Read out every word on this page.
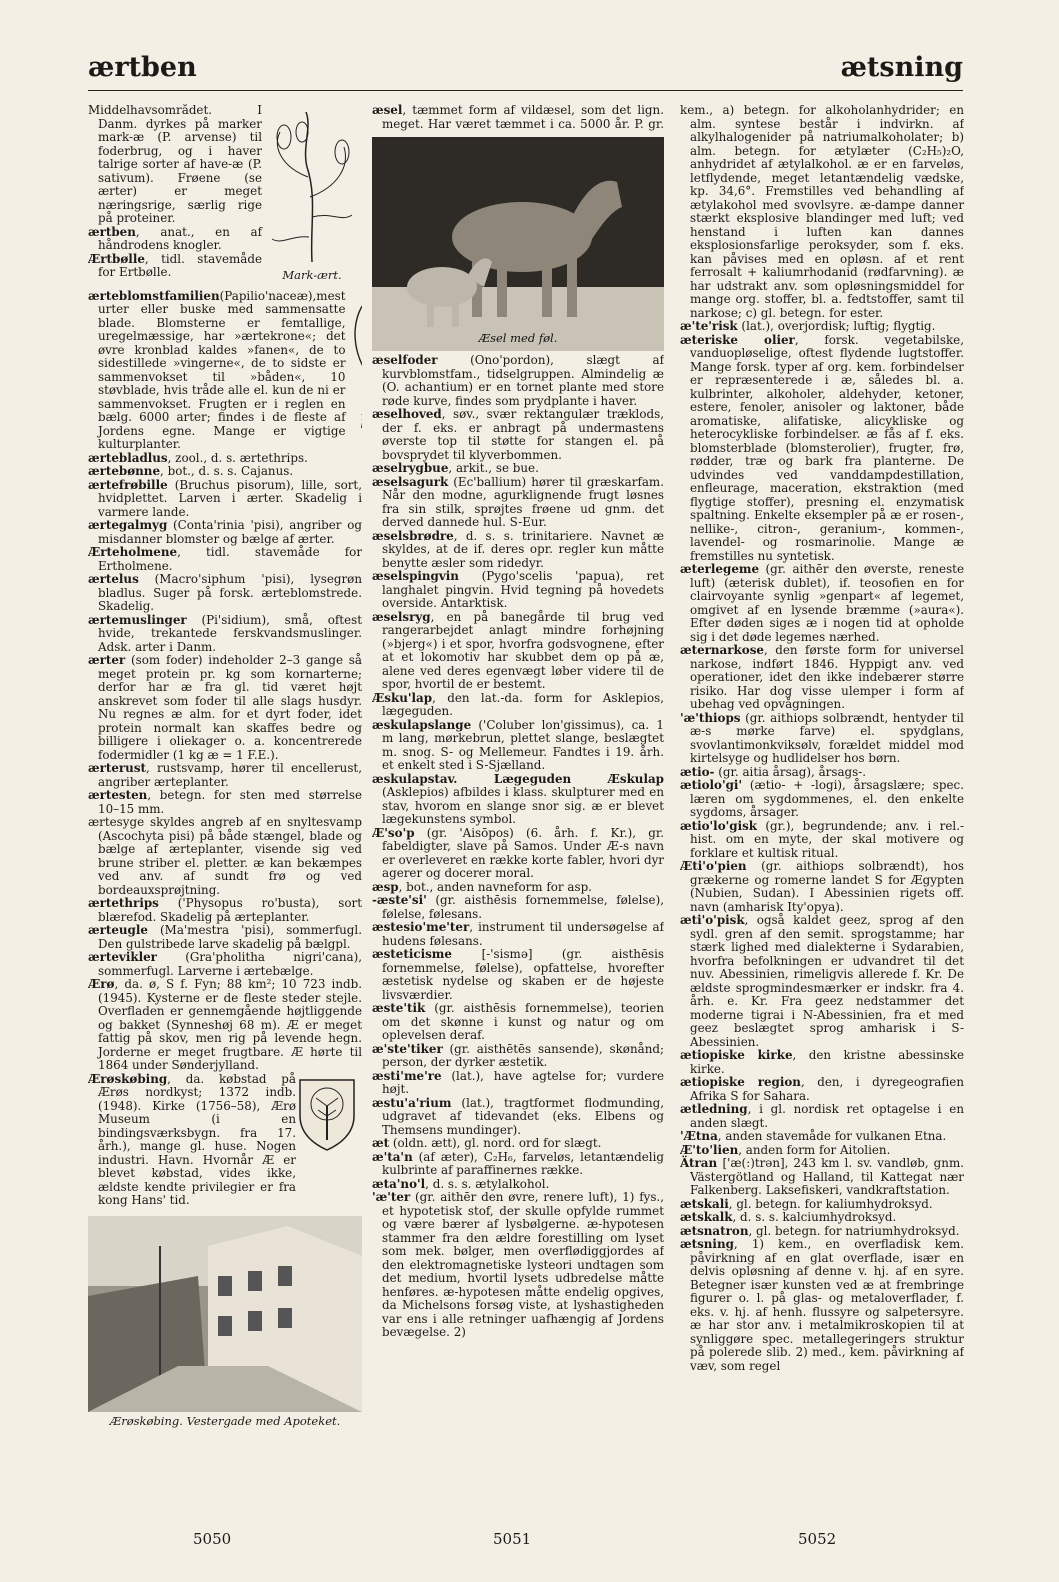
ærtben	ætsning

Middelhavsområdet. I Danm. dyrkes på marker mark-æ (P. arvense) til foderbrug, og i haver talrige sorter af have-æ (P. sativum). Frøene (se ærter) er meget næringsrige, særlig rige på proteiner.

ærtben, anat., en af håndrodens knogler.

Ærtbølle, tidl. stavemåde for Ertbølle.	Mark-ært.

ærteblomstfamilien(Papilio'naceæ),mest urter eller buske med sammensatte blade. Blomsterne er femtallige, uregelmæssige, har »ærtekrone«; det øvre kronblad kaldes »fanen«, de to sidestillede »vingerne«, de to sidste er sammenvokset til »båden«, 10 støvblade, hvis tråde alle el. kun de ni er sammenvokset. Frugten er i reglen en bælg. 6000 arter; findes i de fleste af Jordens egne. Mange er vigtige kulturplanter.

ærtebladlus, zool., d. s. ærtethrips.

ærtebønne, bot., d. s. s. Cajanus.

ærtefrøbille (Bruchus pisorum), lille, sort, hvidplettet. Larven i ærter. Skadelig i varmere lande.

ærtegalmyg (Conta'rinia 'pisi), angriber og misdanner blomster og bælge af ærter.

Ærteholmene, tidl. stavemåde for Ertholmene.

ærtelus (Macro'siphum 'pisi), lysegrøn bladlus. Suger på forsk. ærteblomstrede. Skadelig.

ærtemuslinger (Pi'sidium), små, oftest hvide, trekantede ferskvandsmuslinger. Adsk. arter i Danm.

ærter (som foder) indeholder 2–3 gange så meget protein pr. kg som kornarterne; derfor har æ fra gl. tid været højt anskrevet som foder til alle slags husdyr. Nu regnes æ alm. for et dyrt foder, idet protein normalt kan skaffes bedre og billigere i oliekager o. a. koncentrerede fodermidler (1 kg æ = 1 F.E.).

ærterust, rustsvamp, hører til encellerust, angriber ærteplanter.

ærtesten, betegn. for sten med størrelse 10–15 mm.

ærtesyge skyldes angreb af en snyltesvamp (Ascochyta pisi) på både stængel, blade og bælge af ærteplanter, visende sig ved brune striber el. pletter. æ kan bekæmpes ved anv. af sundt frø og ved bordeauxsprøjtning.

ærtethrips ('Physopus ro'busta), sort blærefod. Skadelig på ærteplanter.

ærteugle (Ma'mestra 'pisi), sommerfugl. Den gulstribede larve skadelig på bælgpl.

ærtevikler (Gra'pholitha nigri'cana), sommerfugl. Larverne i ærtebælge.

Ærø, da. ø, S f. Fyn; 88 km²; 10 723 indb. (1945). Kysterne er de fleste steder stejle. Overfladen er gennemgående højtliggende og bakket (Synneshøj 68 m). Æ er meget fattig på skov, men rig på levende hegn. Jorderne er meget frugtbare. Æ hørte til 1864 under Sønderjylland.

Ærøskøbing, da. købstad på Ærøs nordkyst; 1372 indb. (1948). Kirke (1756–58), Ærø Museum (i en bindingsværksbygn. fra 17. årh.), mange gl. huse. Nogen industri. Havn. Hvornår Æ er blevet købstad, vides ikke, ældste kendte privilegier er fra kong Hans' tid.

Ærøskøbing. Vestergade med Apoteket.

æsel, tæmmet form af vildæsel, som det lign. meget. Har været tæmmet i ca. 5000 år. P. gr.

Æsel med føl.

æselfoder (Ono'pordon), slægt af kurvblomstfam., tidselgruppen. Almindelig æ (O. achantium) er en tornet plante med store røde kurve, findes som prydplante i haver.

æselhoved, søv., svær rektangulær træklods, der f. eks. er anbragt på undermastens øverste top til støtte for stangen el. på bovsprydet til klyverbommen.

æselrygbue, arkit., se bue.

æselsagurk (Ec'ballium) hører til græskarfam. Når den modne, agurklignende frugt løsnes fra sin stilk, sprøjtes frøene ud gnm. det derved dannede hul. S-Eur.

æselsbrødre, d. s. s. trinitariere. Navnet æ skyldes, at de if. deres opr. regler kun måtte benytte æsler som ridedyr.

æselspingvin (Pygo'scelis 'papua), ret langhalet pingvin. Hvid tegning på hovedets overside. Antarktisk.

æselsryg, en på banegårde til brug ved rangerarbejdet anlagt mindre forhøjning (»bjerg«) i et spor, hvorfra godsvognene, efter at et lokomotiv har skubbet dem op på æ, alene ved deres egenvægt løber videre til de spor, hvortil de er bestemt.

Æsku'lap, den lat.-da. form for Asklepios, lægeguden.

æskulapslange ('Coluber lon'gissimus), ca. 1 m lang, mørkebrun, plettet slange, beslægtet m. snog. S- og Mellemeur. Fandtes i 19. årh. et enkelt sted i S-Sjælland.

æskulapstav. Lægeguden Æskulap (Asklepios) afbildes i klass. skulpturer med en stav, hvorom en slange snor sig. æ er blevet lægekunstens symbol.

Æ'so'p (gr. 'Aisōpos) (6. årh. f. Kr.), gr. fabeldigter, slave på Samos. Under Æ-s navn er overleveret en række korte fabler, hvori dyr agerer og docerer moral.

æsp, bot., anden navneform for asp.

-æste'si' (gr. aisthēsis fornemmelse, følelse), følelse, følesans.

æstesio'me'ter, instrument til undersøgelse af hudens følesans.

æsteticisme [-'sismə] (gr. aisthēsis fornemmelse, følelse), opfattelse, hvorefter æstetisk nydelse og skaben er de højeste livsværdier.

æste'tik (gr. aisthēsis fornemmelse), teorien om det skønne i kunst og natur og om oplevelsen deraf.

æ'ste'tiker (gr. aisthētēs sansende), skønånd; person, der dyrker æstetik.

æsti'me're (lat.), have agtelse for; vurdere højt.

æstu'a'rium (lat.), tragtformet flodmunding, udgravet af tidevandet (eks. Elbens og Themsens mundinger).

æt (oldn. ætt), gl. nord. ord for slægt.

æ'ta'n (af æter), C₂H₆, farveløs, letantændelig kulbrinte af paraffinernes række.

æta'no'l, d. s. s. ætylalkohol.

'æ'ter (gr. aithēr den øvre, renere luft), 1) fys., et hypotetisk stof, der skulle opfylde rummet og være bærer af lysbølgerne. æ-hypotesen stammer fra den ældre forestilling om lyset som mek. bølger, men overflødiggjordes af den elektromagnetiske lysteori undtagen som det medium, hvortil lysets udbredelse måtte henføres. æ-hypotesen måtte endelig opgives, da Michelsons forsøg viste, at lyshastigheden var ens i alle retninger uafhængig af Jordens bevægelse. 2)

kem., a) betegn. for alkoholanhydrider; en alm. syntese består i indvirkn. af alkylhalogenider på natriumalkoholater; b) alm. betegn. for ætylæter (C₂H₅)₂O, anhydridet af ætylalkohol. æ er en farveløs, letflydende, meget letantændelig vædske, kp. 34,6°. Fremstilles ved behandling af ætylakohol med svovlsyre. æ-dampe danner stærkt eksplosive blandinger med luft; ved henstand i luften kan dannes eksplosionsfarlige peroksyder, som f. eks. kan påvises med en opløsn. af et rent ferrosalt + kaliumrhodanid (rødfarvning). æ har udstrakt anv. som opløsningsmiddel for mange org. stoffer, bl. a. fedtstoffer, samt til narkose; c) gl. betegn. for ester.

æ'te'risk (lat.), overjordisk; luftig; flygtig.

æteriske olier, forsk. vegetabilske, vanduopløselige, oftest flydende lugtstoffer. Mange forsk. typer af org. kem. forbindelser er repræsenterede i æ, således bl. a. kulbrinter, alkoholer, aldehyder, ketoner, estere, fenoler, anisoler og laktoner, både aromatiske, alifatiske, alicykliske og heterocykliske forbindelser. æ fås af f. eks. blomsterblade (blomsterolier), frugter, frø, rødder, træ og bark fra planterne. De udvindes ved vanddampdestillation, enfleurage, maceration, ekstraktion (med flygtige stoffer), presning el. enzymatisk spaltning. Enkelte eksempler på æ er rosen-, nellike-, citron-, geranium-, kommen-, lavendel- og rosmarinolie. Mange æ fremstilles nu syntetisk.

æterlegeme (gr. aithēr den øverste, reneste luft) (æterisk dublet), if. teosofien en for clairvoyante synlig »genpart« af legemet, omgivet af en lysende bræmme (»aura«). Efter døden siges æ i nogen tid at opholde sig i det døde legemes nærhed.

æternarkose, den første form for universel narkose, indført 1846. Hyppigt anv. ved operationer, idet den ikke indebærer større risiko. Har dog visse ulemper i form af ubehag ved opvågningen.

'æ'thiops (gr. aithiops solbrændt, hentyder til æ-s mørke farve) el. spydglans, svovlantimonkviksølv, forældet middel mod kirtelsyge og hudlidelser hos børn.

ætio- (gr. aitia årsag), årsags-.

ætiolo'gi' (ætio- + -logi), årsagslære; spec. læren om sygdommenes, el. den enkelte sygdoms, årsager.

ætio'lo'gisk (gr.), begrundende; anv. i rel.-hist. om en myte, der skal motivere og forklare et kultisk ritual.

Æti'o'pien (gr. aithiops solbrændt), hos grækerne og romerne landet S for Ægypten (Nubien, Sudan). I Abessinien rigets off. navn (amharisk Ity'opya).

æti'o'pisk, også kaldet geez, sprog af den sydl. gren af den semit. sprogstamme; har stærk lighed med dialekterne i Sydarabien, hvorfra befolkningen er udvandret til det nuv. Abessinien, rimeligvis allerede f. Kr. De ældste sprogmindesmærker er indskr. fra 4. årh. e. Kr. Fra geez nedstammer det moderne tigrai i N-Abessinien, fra et med geez beslægtet sprog amharisk i S-Abessinien.

ætiopiske kirke, den kristne abessinske kirke.

ætiopiske region, den, i dyregeografien Afrika S for Sahara.

ætledning, i gl. nordisk ret optagelse i en anden slægt.

'Ætna, anden stavemåde for vulkanen Etna.

Æ'to'lien, anden form for Aitolien.

Ätran ['æ(:)trən], 243 km l. sv. vandløb, gnm. Västergötland og Halland, til Kattegat nær Falkenberg. Laksefiskeri, vandkraftstation.

ætskali, gl. betegn. for kaliumhydroksyd.

ætskalk, d. s. s. kalciumhydroksyd.

ætsnatron, gl. betegn. for natriumhydroksyd.

ætsning, 1) kem., en overfladisk kem. påvirkning af en glat overflade, især en delvis opløsning af denne v. hj. af en syre. Betegner især kunsten ved æ at frembringe figurer o. l. på glas- og metaloverflader, f. eks. v. hj. af henh. flussyre og salpetersyre. æ har stor anv. i metalmikroskopien til at synliggøre spec. metallegeringers struktur på polerede slib. 2) med., kem. påvirkning af væv, som regel

5050	5051	5052
